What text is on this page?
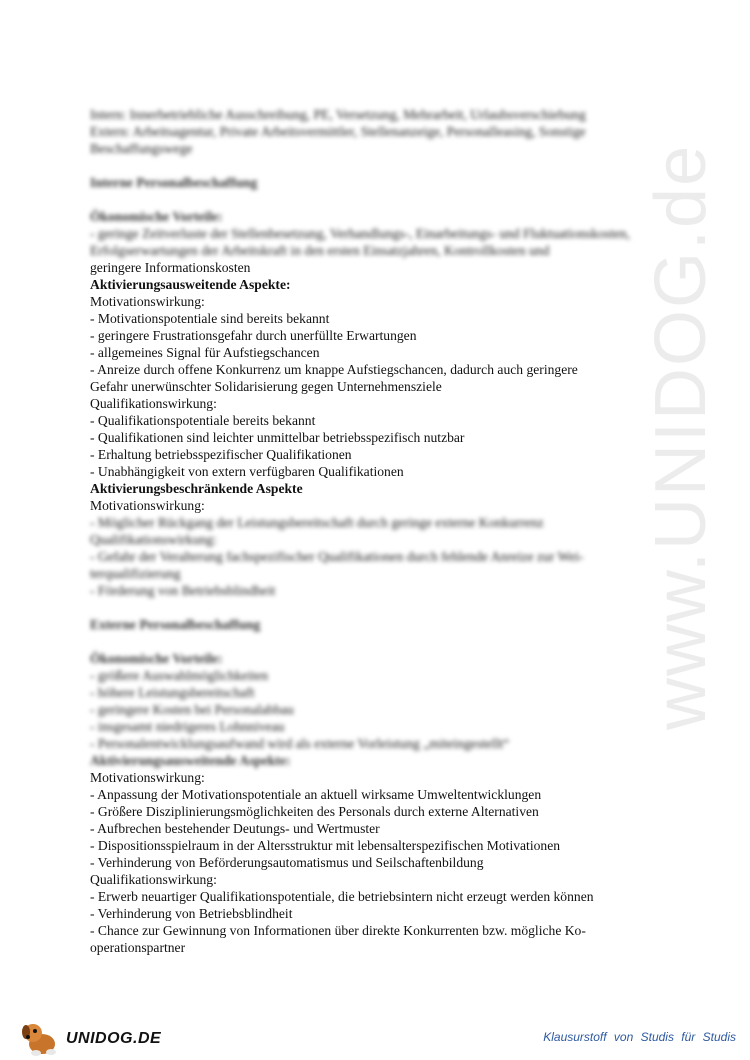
www.UNIDOG.de
Intern: Innerbetriebliche Ausschreibung, PE, Versetzung, Mehrarbeit, Urlaubsverschiebung
Extern: Arbeitsagentur, Private Arbeitsvermittler, Stellenanzeige, Personalleasing, Sonstige Beschaffungswege
Interne Personalbeschaffung
Ökonomische Vorteile:
- geringe Zeitverluste der Stellenbesetzung, Verhandlungs-, Einarbeitungs- und Fluktuationskosten, Erfolgserwartungen der Arbeitskraft in den ersten Einsatzjahren, Kontrollkosten und
geringere Informationskosten
Aktivierungsausweitende Aspekte:
Motivationswirkung:
- Motivationspotentiale sind bereits bekannt
- geringere Frustrationsgefahr durch unerfüllte Erwartungen
- allgemeines Signal für Aufstiegschancen
- Anreize durch offene Konkurrenz um knappe Aufstiegschancen, dadurch auch geringere
Gefahr unerwünschter Solidarisierung gegen Unternehmensziele
Qualifikationswirkung:
- Qualifikationspotentiale bereits bekannt
- Qualifikationen sind leichter unmittelbar betriebsspezifisch nutzbar
- Erhaltung betriebsspezifischer Qualifikationen
- Unabhängigkeit von extern verfügbaren Qualifikationen
Aktivierungsbeschränkende Aspekte
Motivationswirkung:
- Möglicher Rückgang der Leistungsbereitschaft durch geringe externe Konkurrenz
Qualifikationswirkung:
- Gefahr der Veralterung fachspezifischer Qualifikationen durch fehlende Anreize zur Wei-
terqualifizierung
- Förderung von Betriebsblindheit
Externe Personalbeschaffung
Ökonomische Vorteile:
- größere Auswahlmöglichkeiten
- höhere Leistungsbereitschaft
- geringere Kosten bei Personalabbau
- insgesamt niedrigeres Lohnniveau
- Personalentwicklungsaufwand wird als externe Vorleistung „miteingestellt“
Aktivierungsausweitende Aspekte:
Motivationswirkung:
- Anpassung der Motivationspotentiale an aktuell wirksame Umweltentwicklungen
- Größere Disziplinierungsmöglichkeiten des Personals durch externe Alternativen
- Aufbrechen bestehender Deutungs- und Wertmuster
- Dispositionsspielraum in der Altersstruktur mit lebensalterspezifischen Motivationen
- Verhinderung von Beförderungsautomatismus und Seilschaftenbildung
Qualifikationswirkung:
- Erwerb neuartiger Qualifikationspotentiale, die betriebsintern nicht erzeugt werden können
- Verhinderung von Betriebsblindheit
- Chance zur Gewinnung von Informationen über direkte Konkurrenten bzw. mögliche Ko-
operationspartner
UNIDOG.DE	Klausurstoff von Studis für Studis
